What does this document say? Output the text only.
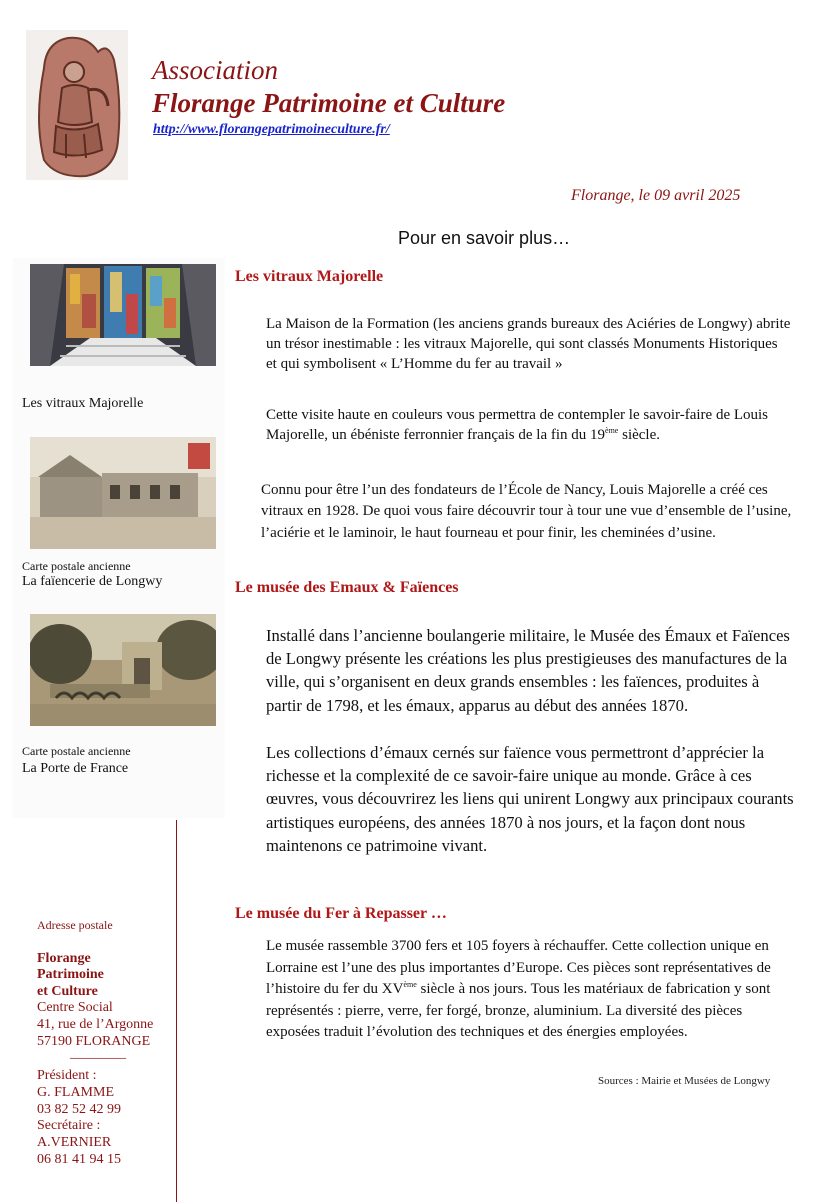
Association
Florange Patrimoine et Culture
http://www.florangepatrimoineculture.fr/
Florange, le 09 avril 2025
Pour en savoir plus…
Les vitraux Majorelle
Carte postale ancienne
La faïencerie de Longwy
Carte postale ancienne
La Porte de France
Adresse postale
Florange
Patrimoine
et Culture
Centre Social
41, rue de l’Argonne
57190 FLORANGE
________
Président :
G. FLAMME
03 82 52 42 99
Secrétaire :
A.VERNIER
06 81 41 94 15
Les vitraux Majorelle
La Maison de la Formation (les anciens grands bureaux des Aciéries de Longwy) abrite un trésor inestimable : les vitraux Majorelle, qui sont classés Monuments Historiques et qui symbolisent « L’Homme du fer au travail »
Cette visite haute en couleurs vous permettra de contempler le savoir-faire de Louis Majorelle, un ébéniste ferronnier français de la fin du 19ème siècle.
Connu pour être l’un des fondateurs de l’École de Nancy, Louis Majorelle a créé ces vitraux en 1928. De quoi vous faire découvrir tour à tour une vue d’ensemble de l’usine, l’aciérie et le laminoir, le haut fourneau et pour finir, les cheminées d’usine.
Le musée des Emaux & Faïences
Installé dans l’ancienne boulangerie militaire, le Musée des Émaux et Faïences de Longwy présente les créations les plus prestigieuses des manufactures de la ville, qui s’organisent en deux grands ensembles : les faïences, produites à partir de 1798, et les émaux, apparus au début des années 1870.
Les collections d’émaux cernés sur faïence vous permettront d’apprécier la richesse et la complexité de ce savoir-faire unique au monde. Grâce à ces œuvres, vous découvrirez les liens qui unirent Longwy aux principaux courants artistiques européens, des années 1870 à nos jours, et la façon dont nous maintenons ce patrimoine vivant.
Le musée du Fer à Repasser …
Le musée rassemble 3700 fers et 105 foyers à réchauffer. Cette collection unique en Lorraine est l’une des plus importantes d’Europe. Ces pièces sont représentatives de l’histoire du fer du XVème siècle à nos jours. Tous les matériaux de fabrication y sont représentés : pierre, verre, fer forgé, bronze, aluminium. La diversité des pièces exposées traduit l’évolution des techniques et des énergies employées.
Sources : Mairie et Musées de Longwy
